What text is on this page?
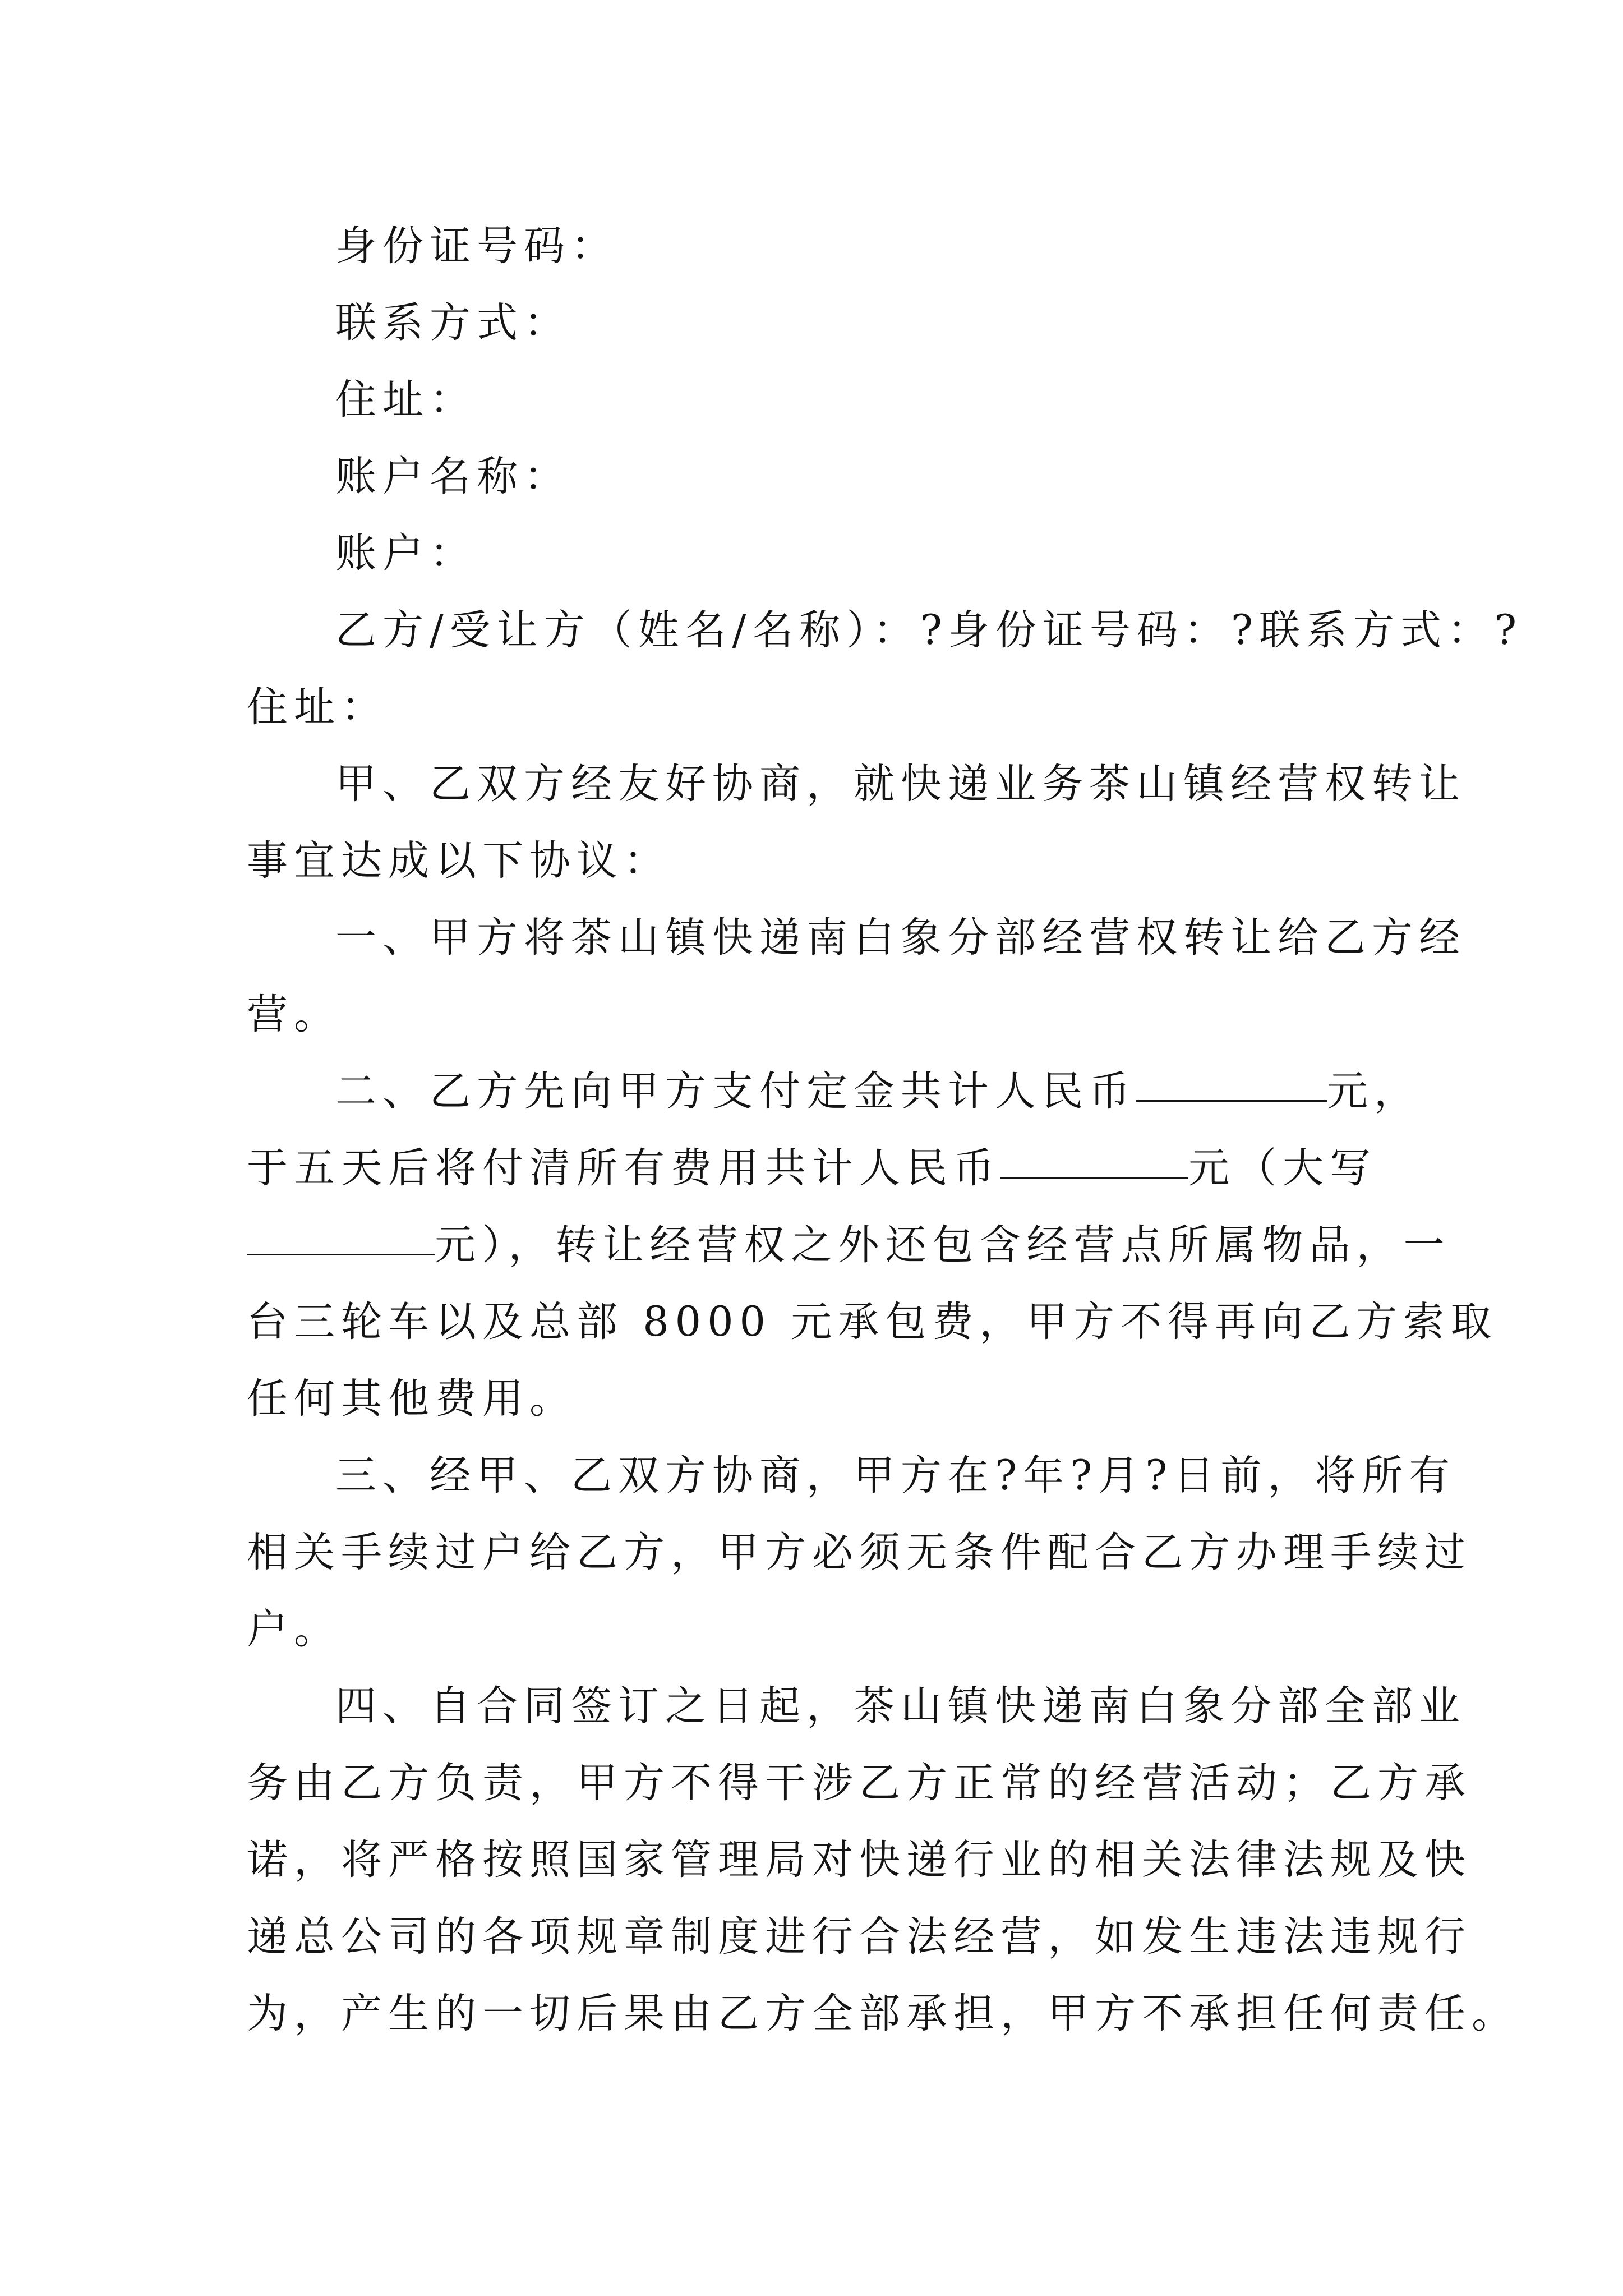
身份证号码：
联系方式：
住址：
账户名称：
账户：
乙方/受让方（姓名/名称）：?身份证号码：?联系方式：?
住址：
甲、乙双方经友好协商，就快递业务茶山镇经营权转让
事宜达成以下协议：
一、甲方将茶山镇快递南白象分部经营权转让给乙方经
营。
二、乙方先向甲方支付定金共计人民币	元，
于五天后将付清所有费用共计人民币	元（大写
元），转让经营权之外还包含经营点所属物品，一
台三轮车以及总部 8000 元承包费，甲方不得再向乙方索取
任何其他费用。
三、经甲、乙双方协商，甲方在?年?月?日前，将所有
相关手续过户给乙方，甲方必须无条件配合乙方办理手续过
户。
四、自合同签订之日起，茶山镇快递南白象分部全部业
务由乙方负责，甲方不得干涉乙方正常的经营活动；乙方承
诺，将严格按照国家管理局对快递行业的相关法律法规及快
递总公司的各项规章制度进行合法经营，如发生违法违规行
为，产生的一切后果由乙方全部承担，甲方不承担任何责任。
